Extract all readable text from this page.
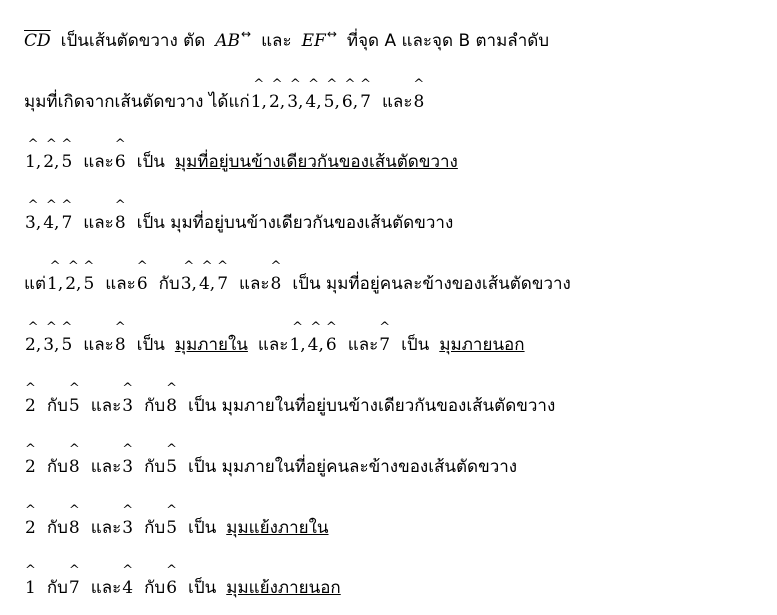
$\overline{CD}$ เป็นเส้นตัดขวาง ตัด AB ↔ และ EF ↔ ที่จุด A และจุด B ตามลำดับ
มุมที่เกิดจากเส้นตัดขวาง ได้แก่ ^ 1, ^ 2, ^ 3, ^ 4, ^ 5, ^ 6, ^ 7 และ ^ 8
^ 1, ^ 2, ^ 5 และ ^ 6 เป็น มุมที่อยู่บนข้างเดียวกันของเส้นตัดขวาง
^ 3, ^ 4, ^ 7 และ ^ 8 เป็น มุมที่อยู่บนข้างเดียวกันของเส้นตัดขวาง
แต่ ^ 1, ^ 2, ^ 5 และ ^ 6 กับ ^ 3, ^ 4, ^ 7 และ ^ 8 เป็น มุมที่อยู่คนละข้างของเส้นตัดขวาง
^ 2, ^ 3, ^ 5 และ ^ 8 เป็น มุมภายใน และ ^ 1, ^ 4, ^ 6 และ ^ 7 เป็น มุมภายนอก
^ 2 กับ ^ 5 และ ^ 3 กับ ^ 8 เป็น มุมภายในที่อยู่บนข้างเดียวกันของเส้นตัดขวาง
^ 2 กับ ^ 8 และ ^ 3 กับ ^ 5 เป็น มุมภายในที่อยู่คนละข้างของเส้นตัดขวาง
^ 2 กับ ^ 8 และ ^ 3 กับ ^ 5 เป็น มุมแย้งภายใน
^ 1 กับ ^ 7 และ ^ 4 กับ ^ 6 เป็น มุมแย้งภายนอก
